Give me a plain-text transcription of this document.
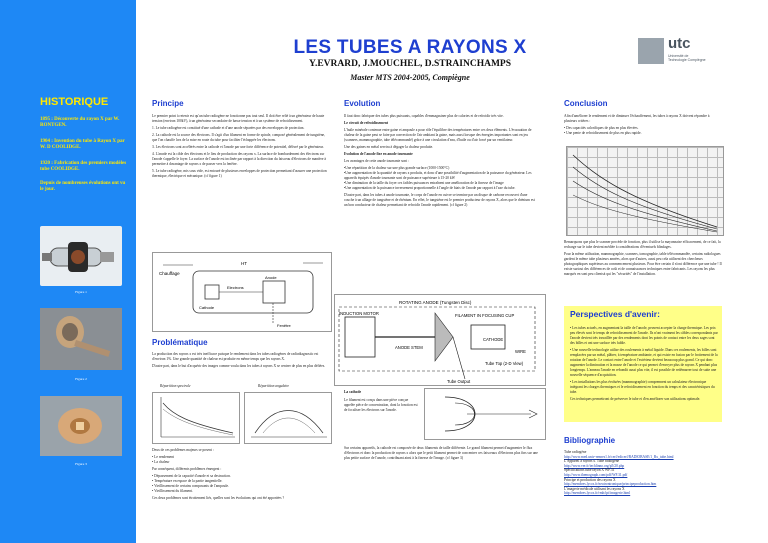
HISTORIQUE
1895 : Découverte du rayon X par W. RONTGEN.
1904 : Invention du tube à Rayon X par W. D COOLIDGE.
1920 : Fabrication des premiers modèles tube COOLIDGE.
Depuis de nombreuses évolutions ont vu le jour.
Figure 1
Figure 2
Figure 3
LES TUBES A RAYONS X
Y.EVRARD, J.MOUCHEL, D.STRAINCHAMPS
Master MTS 2004-2005, Compiègne
utc
Université de Technologie Compiègne
Principe

Le premier point à retenir est qu'un tube radiogène ne fonctionne pas tout seul. Il doit être relié à un générateur de haute tension (environ 100kV), à un générateur secondaire de basse tension et à un système de refroidissement.

1. Le tube radiogène est constitué d'une cathode et d'une anode séparées par des enveloppes de protection.

2. La cathode est la source des électrons. Il s'agit d'un filament en forme de spirale, composé généralement de tungstène, que l'on chauffe lors de la mise en route du tube pour faciliter l'échappée les électrons.

3. Les électrons sont accélérés entre la cathode et l'anode par une forte différence de potentiel, délivré par le générateur.

4. L'anode est la cible des électrons et le lieu de production des rayons x. La surface de bombardement des électrons sur l'anode s'appelle le foyer. La surface de l'anode est inclinée par rapport à la direction du faisceau d'électrons de manière à permettre à davantage de rayons x de passer vers la fenêtre.

5. Le tube radiogène, mis sous vide, est entouré de plusieurs enveloppes de protection permettant d'assurer une protection thermique, électrique et mécanique. (cf figure 1)

Chauffage
HT
Cathode
Anode
Electrons
Fenêtre
Problématique

La production des rayons x est très inefficace puisque le rendement dans les tubes radiogènes de radiodiagnostic est d'environ 1%. Une grande quantité de chaleur est produite en même temps que les rayons X.

D'autre part, dans le but d'acquérir des images comme voulu dans les tubes à rayons X se centrer de plus en plus défiées.

Répartition spectrale	Répartition angulaire

Deux de ces problèmes majeurs se posent :

• Le rendement

• La chaleur

Par conséquent, différents problèmes émergent :

• Dépassement de la capacité d'anode et sa destruction.

• Température en espace de la partie tangentielle.

• Vieillissement de certains composants de l'ampoule.

• Vieillissement du filament.

Ces deux problèmes sont étroitement liés, quelles sont les évolutions qui ont été apportées ?

Evolution

Il faut donc fabriquer des tubes plus puissants, capables d'emmagasiner plus de calories et de refroidir très vite.

Le circuit de refroidissement

L'huile minérale contenue entre gaine et ampoule a pour rôle l'équilibre des températures entre ces deux éléments. L'évacuation de chaleur de la gaine peut se faire par convection de l'air ambiant la gaine, mais aussi lorsque des énergies importantes sont en jeu (scanners, mammographie, tube télécommandé) grâce à une circulation d'eau, d'huile ou d'air forcé par un ventilateur.

Une des gaines en métal servira à dégager la chaleur produite.

Evolution de l'anode fixe en anode tournante

Les avantages de cette anode tournante sont :

•Une répartition de la chaleur sur une plus grande surface (1000-1500°C)

•Une augmentation de la quantité de rayons x produits, et donc d'une possibilité d'augmentation de la puissance du générateur. Les appareils équipés d'anode tournante sont de puissance supérieure à 15-20 kW

•Une diminution de la taille du foyer ces faibles puissances entraînent une amélioration de la finesse de l'image

•Une augmentation de la puissance inversement proportionnelle à l'angle de biais de l'anode par rapport à l'axe du tube.

D'autre part, dans les tubes à anode tournante, le corps de l'anode en cuivre se termine par un disque de carbone recouvert d'une couche à un alliage de tungstène et de rhénium. En effet, le tungstène est le premier producteur de rayons X, alors que le rhénium est un bon conducteur de chaleur permettant de refroidir l'anode rapidement. (cf figure 2)

ROTATING ANODE (Tungsten Disc)
INDUCTION MOTOR	FILAMENT IN FOCUSING CUP
CATHODE
ANODE STEM
Tube Output
Tube Top (2-D View)
WIRE
La cathode
Le filament est conçu dans une pièce conçue appelée pièce de concentration, dont la fonction est de focaliser les électrons sur l'anode.
Sur certains appareils, la cathode est composée de deux filaments de taille différente. Le grand filament permet d'augmenter le flux d'électrons et donc la production de rayons x alors que le petit filament permet de concentrer ces faisceaux d'électrons plus fins sur une plus petite surface de l'anode, contribuant ainsi à la finesse de l'image. (cf figure 3)
Conclusion

Afin d'améliorer le rendement et de diminuer l'échauffement, les tubes à rayons X doivent répondre à plusieurs critères :

• Des capacités calorifiques de plus en plus élevées.

• Une pente de refroidissement de plus en plus rapide.

Remarquons que plus le scanner procède de fonction, plus il utilise la mayonnaise efficacement, de ce fait, la recharge sur le tube devient médiée à considérations d'éventuels blindages.

Pour la même utilisation, mammographie, scanners, tomographie, table télécommandée, certains radiologues gardent le même tube plusieurs années, alors que d'autres, aussi peu cela utilisent des chercheurs photographiques supérieurs au commencement plusieurs. Pour être certain il n'ont différence que une tube ! Il existe surtout des différences de coût et de connaissances techniques entre fabricants. Les rayons les plus marqués en sont peu clientsà qui les "sécurités" de l'installation.

Perspectives d'avenir:

• Les tubes actuels, en augmentant la taille de l'anode, peuvent accepter la charge thermique. Les prix peu élevés sont le temps de refroidissement de l'anode. Ils n'ont vraiment les câbles correspondants par l'anode devient très travaillée par des rendements dont les points de contact entre les deux sages sont des billes et ont une surface très faible.

• Une nouvelle technologie utilise des roulements à métal liquide. Dans ces roulements, les billes sont remplacées par un métal, plâtrer, à température ambiante, et qui existe en fusion par le frottement de la rotation de l'anode. Le contact entre l'anode et l'extérieur devient beaucoup plus grand. Ce qui donc augmenter la diminution et la masse de l'anode ce qui permet d'envoyer plus de rayons X pendant plus longtemps. L'anneau l'anode en rebondit aussi plus vite, il est possible de redémarrer tout de suite une nouvelle séquence d'acquisition.

• Les installations les plus évoluées (mammographie) comprennent un calculateur électronique intégrant les charges thermiques et le refroidissement en fonction du temps et des caractéristiques du tube.

Ces techniques permettront de préserver le tube et d'en améliorer son utilisations optimale.

Bibliographie
Tube radiogène
http://www.med.univ-rennes1.fr/cerf/edicerf/RADIOBASE/1_Rx_tube.html
L'Appareil à rayons x. Tube radiogène
http://www.ver.fr/techlinno.org/p5/20.php
Spécifications tube rayon X WF.31
http://www.themograph.com/pdf/WF.31.pdf
Principe et production des rayons X
http://membres.lycos.fr/neutrontronique/principeproduction.htm
L'imagerie médicale utilisant les rayons X
http://membres.lycos.fr/rmh/ipt/imagerie.html
